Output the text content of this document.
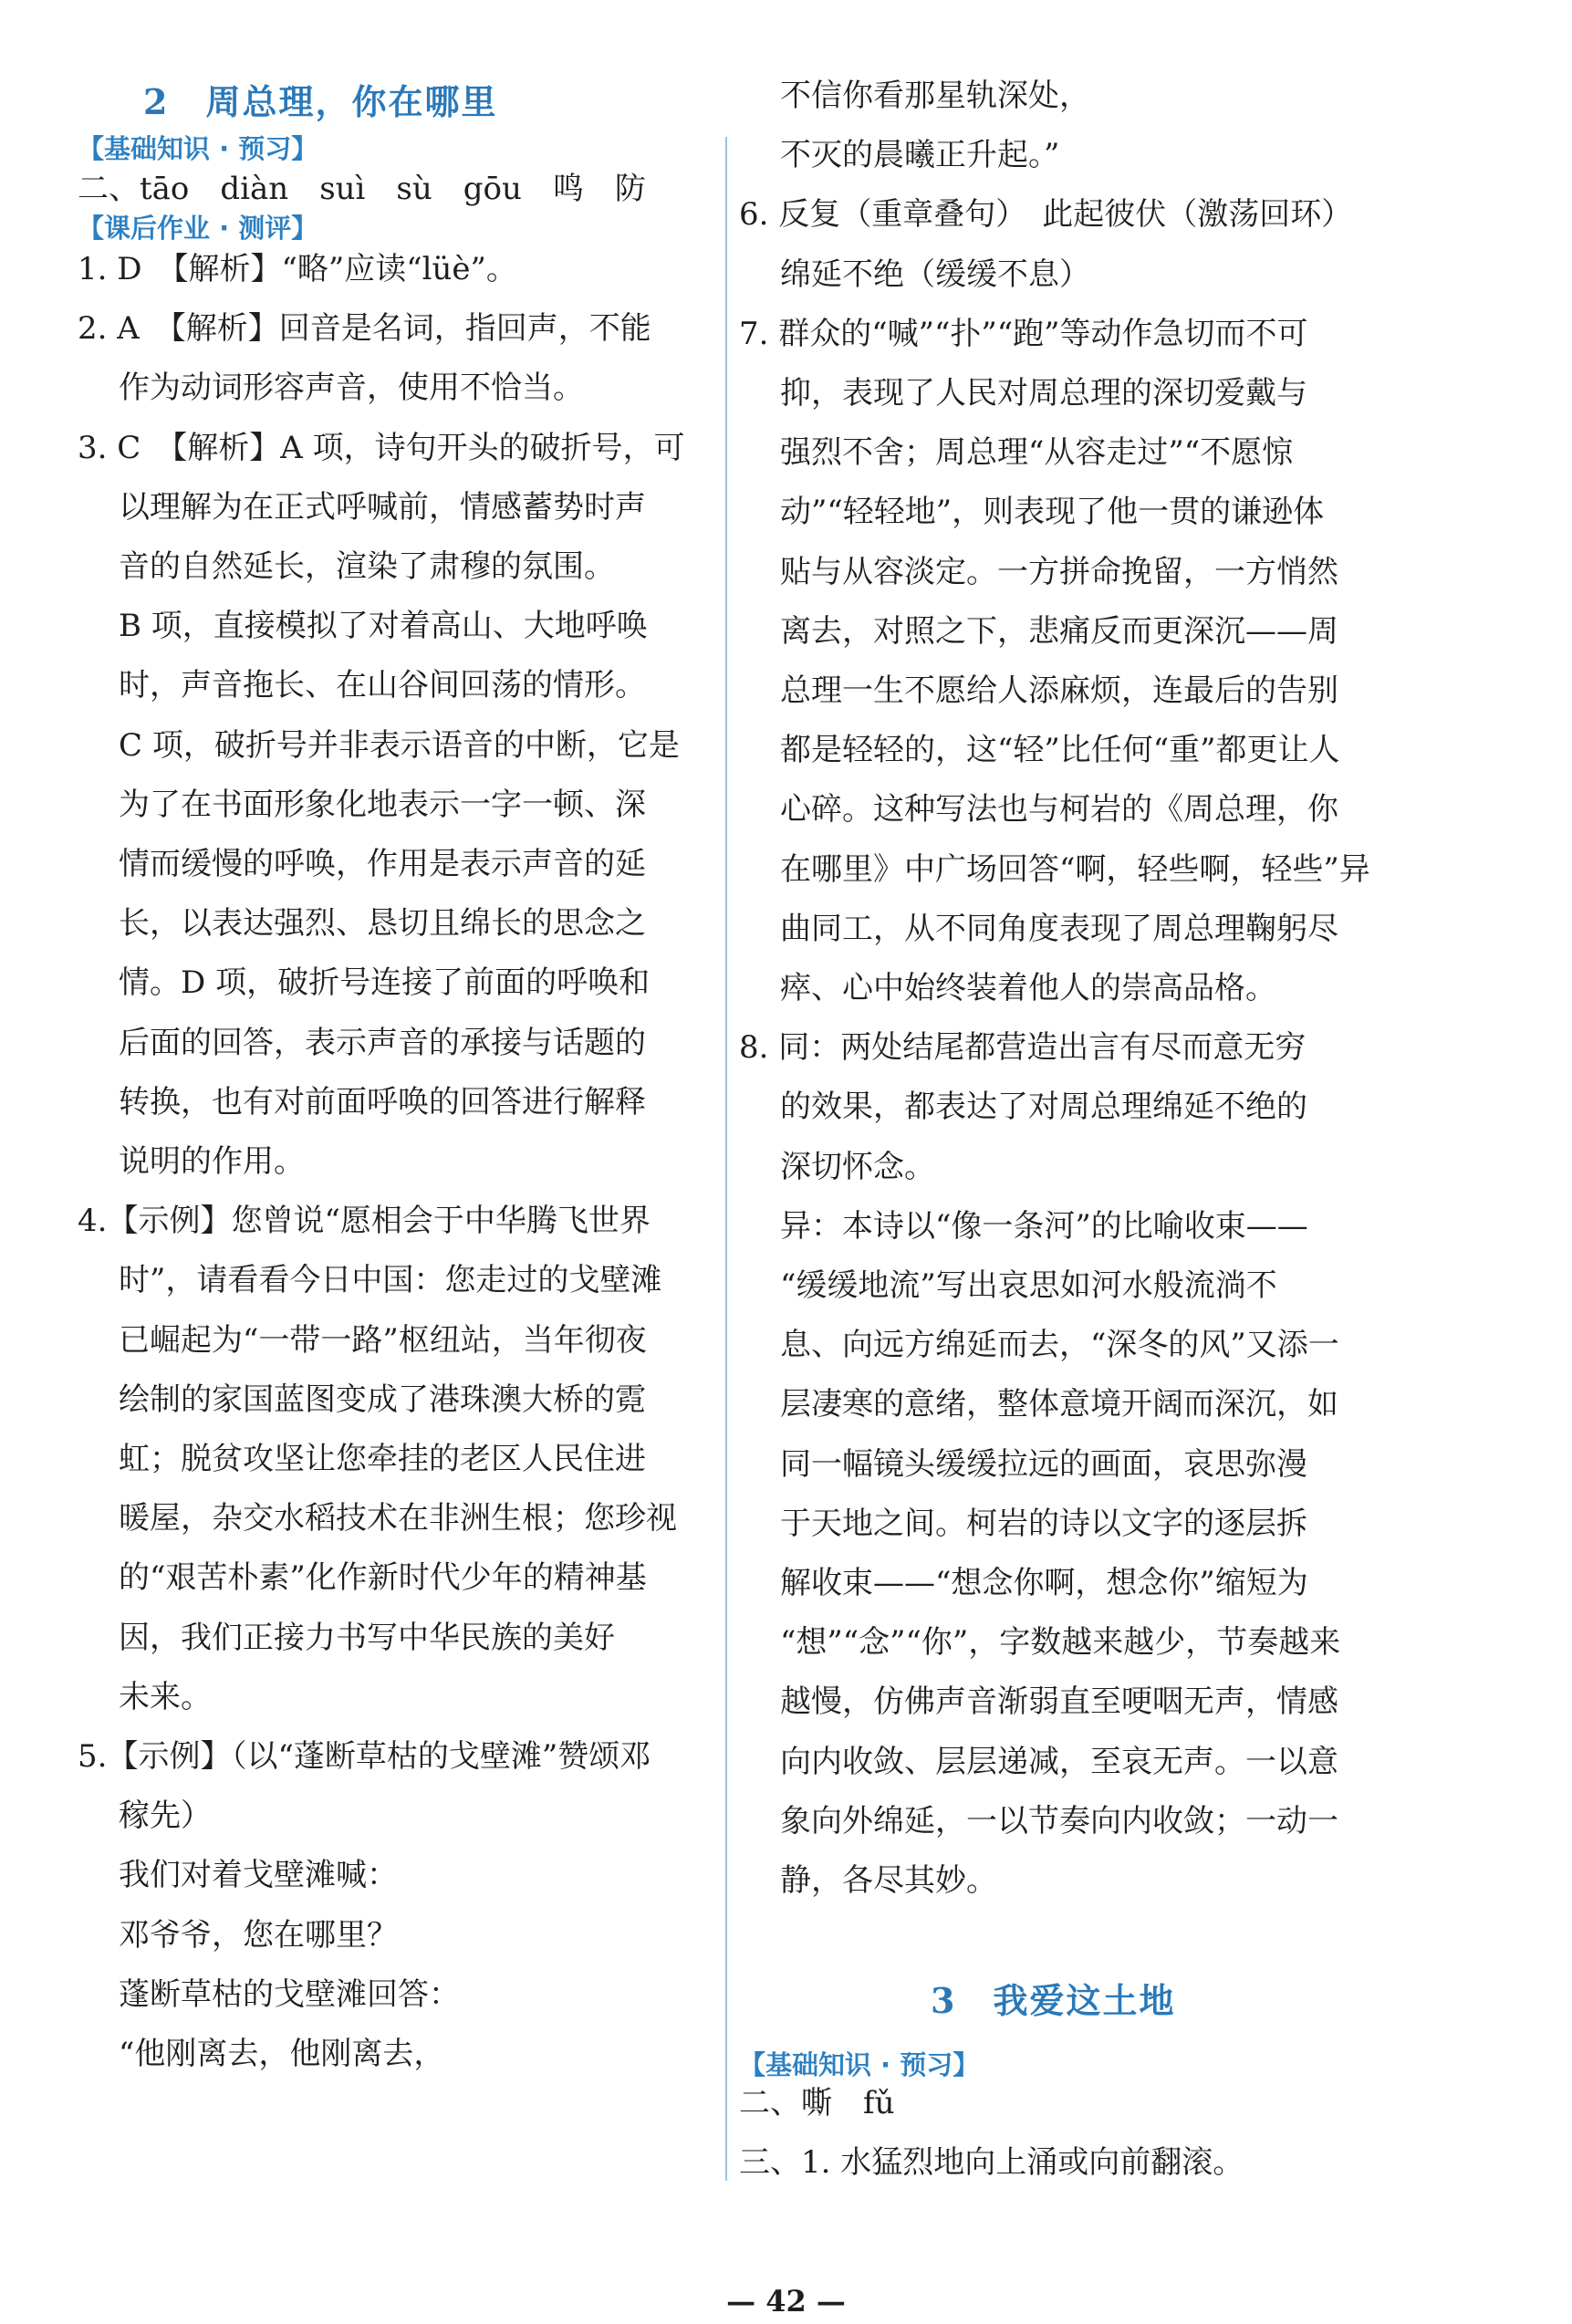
2　周总理，你在哪里
【基础知识 · 预习】
二、tāo　diàn　suì　sù　gōu　鸣　防
【课后作业 · 测评】
1. D　【解析】“略”应读“lüè”。
2. A　【解析】回音是名词，指回声，不能
作为动词形容声音，使用不恰当。
3. C　【解析】A 项，诗句开头的破折号，可
以理解为在正式呼喊前，情感蓄势时声
音的自然延长，渲染了肃穆的氛围。
B 项，直接模拟了对着高山、大地呼唤
时，声音拖长、在山谷间回荡的情形。
C 项，破折号并非表示语音的中断，它是
为了在书面形象化地表示一字一顿、深
情而缓慢的呼唤，作用是表示声音的延
长，以表达强烈、恳切且绵长的思念之
情。D 项，破折号连接了前面的呼唤和
后面的回答，表示声音的承接与话题的
转换，也有对前面呼唤的回答进行解释
说明的作用。
4.【示例】您曾说“愿相会于中华腾飞世界
时”，请看看今日中国：您走过的戈壁滩
已崛起为“一带一路”枢纽站，当年彻夜
绘制的家国蓝图变成了港珠澳大桥的霓
虹；脱贫攻坚让您牵挂的老区人民住进
暖屋，杂交水稻技术在非洲生根；您珍视
的“艰苦朴素”化作新时代少年的精神基
因，我们正接力书写中华民族的美好
未来。
5.【示例】（以“蓬断草枯的戈壁滩”赞颂邓
稼先）
我们对着戈壁滩喊：
邓爷爷，您在哪里？
蓬断草枯的戈壁滩回答：
“他刚离去，他刚离去，
不信你看那星轨深处，
不灭的晨曦正升起。”
6. 反复（重章叠句）　此起彼伏（激荡回环）
绵延不绝（缓缓不息）
7. 群众的“喊”“扑”“跑”等动作急切而不可
抑，表现了人民对周总理的深切爱戴与
强烈不舍；周总理“从容走过”“不愿惊
动”“轻轻地”，则表现了他一贯的谦逊体
贴与从容淡定。一方拼命挽留，一方悄然
离去，对照之下，悲痛反而更深沉——周
总理一生不愿给人添麻烦，连最后的告别
都是轻轻的，这“轻”比任何“重”都更让人
心碎。这种写法也与柯岩的《周总理，你
在哪里》中广场回答“啊，轻些啊，轻些”异
曲同工，从不同角度表现了周总理鞠躬尽
瘁、心中始终装着他人的崇高品格。
8. 同：两处结尾都营造出言有尽而意无穷
的效果，都表达了对周总理绵延不绝的
深切怀念。
异：本诗以“像一条河”的比喻收束——
“缓缓地流”写出哀思如河水般流淌不
息、向远方绵延而去，“深冬的风”又添一
层凄寒的意绪，整体意境开阔而深沉，如
同一幅镜头缓缓拉远的画面，哀思弥漫
于天地之间。柯岩的诗以文字的逐层拆
解收束——“想念你啊，想念你”缩短为
“想”“念”“你”，字数越来越少，节奏越来
越慢，仿佛声音渐弱直至哽咽无声，情感
向内收敛、层层递减，至哀无声。一以意
象向外绵延，一以节奏向内收敛；一动一
静，各尽其妙。
3　我爱这土地
【基础知识 · 预习】
二、嘶　fǔ
三、1. 水猛烈地向上涌或向前翻滚。
— 42 —
